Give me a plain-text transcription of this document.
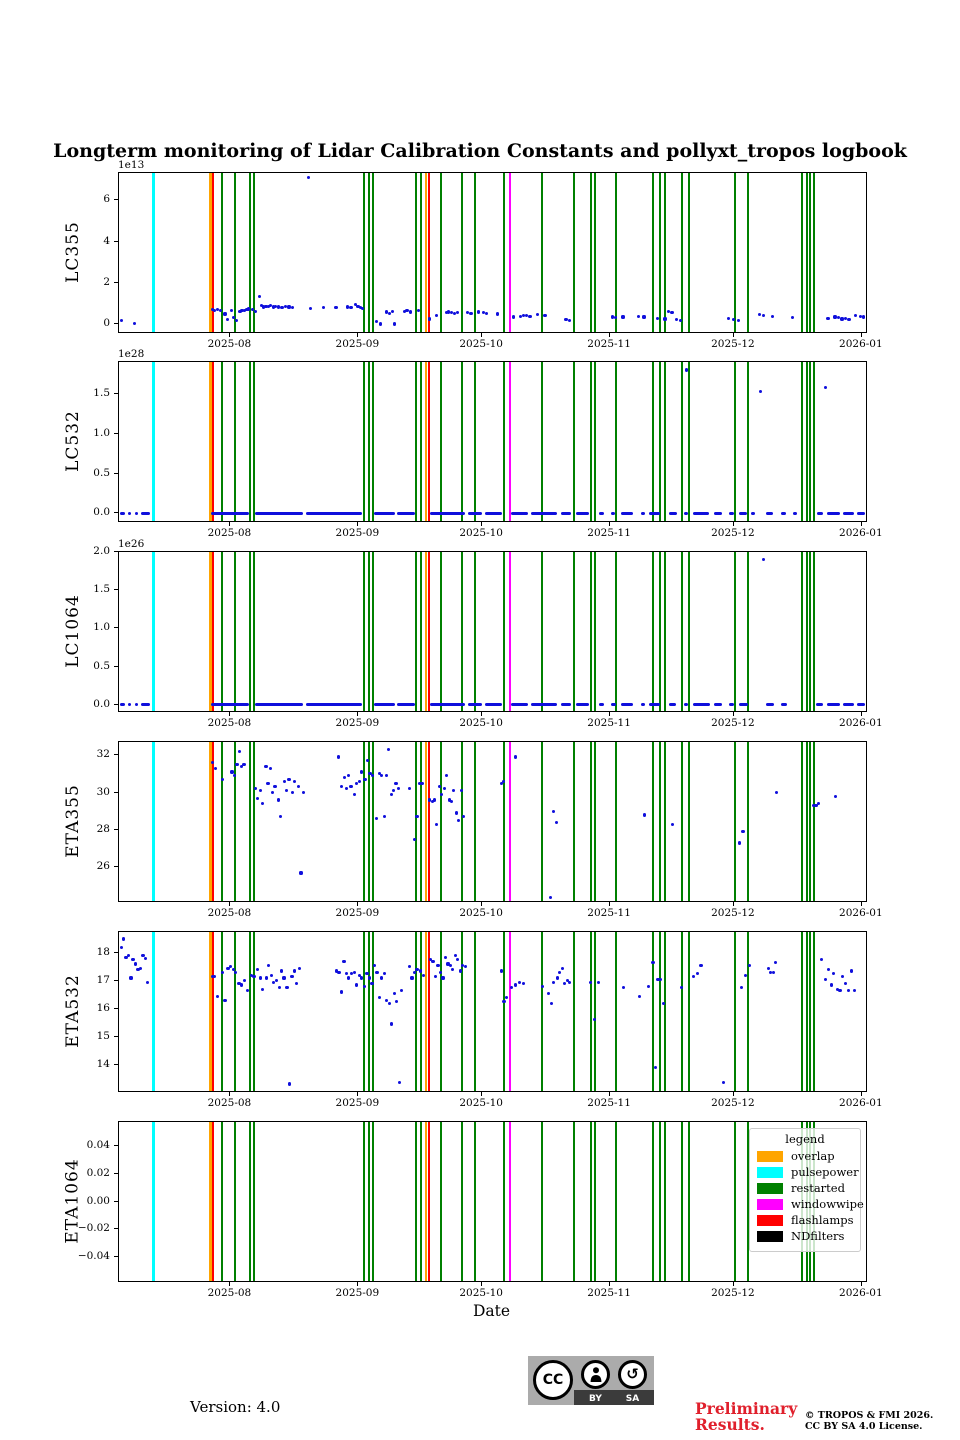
Longterm monitoring of Lidar Calibration Constants and pollyxt_tropos logbook
0
2
4
6
2025-08	2025-09	2025-10	2025-11	2025-12	2026-01
1e13
LC355
0.0
0.5
1.0
1.5
2025-08	2025-09	2025-10	2025-11	2025-12	2026-01
1e28
LC532
0.0
0.5
1.0
1.5
2.0
2025-08	2025-09	2025-10	2025-11	2025-12	2026-01
1e26
LC1064
26
28
30
32
2025-08	2025-09	2025-10	2025-11	2025-12	2026-01
ETA355
14
15
16
17
18
2025-08	2025-09	2025-10	2025-11	2025-12	2026-01
ETA532
−0.04
−0.02
0.00
0.02
0.04
2025-08	2025-09	2025-10	2025-11	2025-12	2026-01
ETA1064
Date
legend
overlap
pulsepower
restarted
windowwipe
flashlamps
NDfilters
Version: 4.0
CC	↺
BY	SA	Preliminary
Results.	© TROPOS & FMI 2026.
CC BY SA 4.0 License.
